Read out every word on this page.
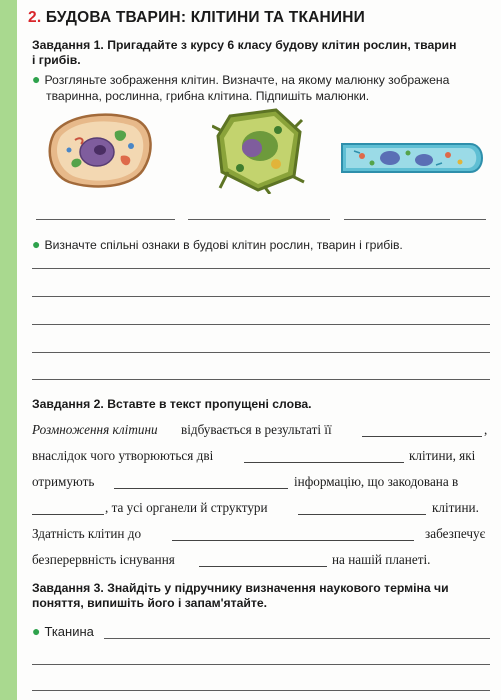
2. БУДОВА ТВАРИН: КЛІТИНИ ТА ТКАНИНИ
Завдання 1. Пригадайте з курсу 6 класу будову клітин рослин, тварин
і грибів.
● Розгляньте зображення клітин. Визначте, на якому малюнку зображена
тваринна, рослинна, грибна клітина. Підпишіть малюнки.
● Визначте спільні ознаки в будові клітин рослин, тварин і грибів.
Завдання 2. Вставте в текст пропущені слова.
Розмноження клітини відбувається в результаті її	,
внаслідок чого утворюються дві	клітини, які
отримують	інформацію, що закодована в
, та усі органели й структури	клітини.
Здатність клітин до	забезпечує
безперервність існування	на нашій планеті.
Завдання 3. Знайдіть у підручнику визначення наукового терміна чи
поняття, випишіть його і запам'ятайте.
● Тканина
